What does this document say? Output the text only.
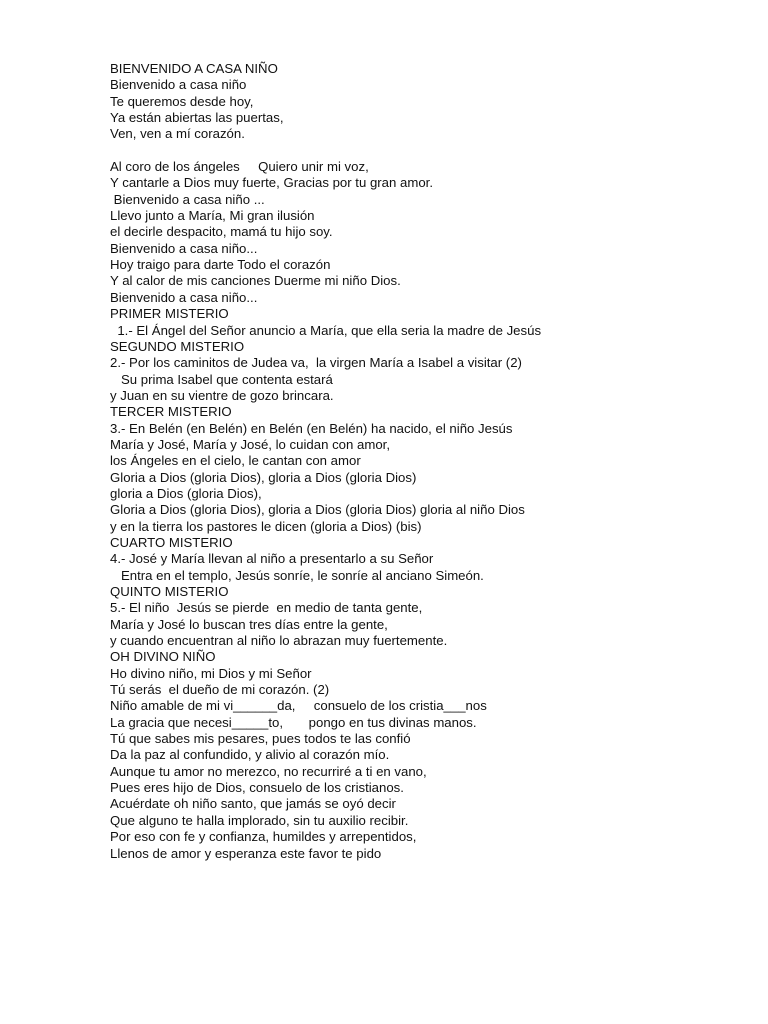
BIENVENIDO A CASA NIÑO
Bienvenido a casa niño
Te queremos desde hoy,
Ya están abiertas las puertas,
Ven, ven a mí corazón.
Al coro de los ángeles     Quiero unir mi voz,
Y cantarle a Dios muy fuerte, Gracias por tu gran amor.
Bienvenido a casa niño ...
Llevo junto a María, Mi gran ilusión
el decirle despacito, mamá tu hijo soy.
Bienvenido a casa niño...
Hoy traigo para darte Todo el corazón
Y al calor de mis canciones Duerme mi niño Dios.
Bienvenido a casa niño...
PRIMER MISTERIO
1.- El Ángel del Señor anuncio a María, que ella seria la madre de Jesús
SEGUNDO MISTERIO
2.- Por los caminitos de Judea va,  la virgen María a Isabel a visitar (2)
Su prima Isabel que contenta estará
y Juan en su vientre de gozo brincara.
TERCER MISTERIO
3.- En Belén (en Belén) en Belén (en Belén) ha nacido, el niño Jesús
María y José, María y José, lo cuidan con amor,
los Ángeles en el cielo, le cantan con amor
Gloria a Dios (gloria Dios), gloria a Dios (gloria Dios)
gloria a Dios (gloria Dios),
Gloria a Dios (gloria Dios), gloria a Dios (gloria Dios) gloria al niño Dios
y en la tierra los pastores le dicen (gloria a Dios) (bis)
CUARTO MISTERIO
4.- José y María llevan al niño a presentarlo a su Señor
Entra en el templo, Jesús sonríe, le sonríe al anciano Simeón.
QUINTO MISTERIO
5.- El niño  Jesús se pierde  en medio de tanta gente,
María y José lo buscan tres días entre la gente,
y cuando encuentran al niño lo abrazan muy fuertemente.
OH DIVINO NIÑO
Ho divino niño, mi Dios y mi Señor
Tú serás  el dueño de mi corazón. (2)
Niño amable de mi vi______da,     consuelo de los cristia___nos
La gracia que necesi_____to,       pongo en tus divinas manos.
Tú que sabes mis pesares, pues todos te las confió
Da la paz al confundido, y alivio al corazón mío.
Aunque tu amor no merezco, no recurriré a ti en vano,
Pues eres hijo de Dios, consuelo de los cristianos.
Acuérdate oh niño santo, que jamás se oyó decir
Que alguno te halla implorado, sin tu auxilio recibir.
Por eso con fe y confianza, humildes y arrepentidos,
Llenos de amor y esperanza este favor te pido
